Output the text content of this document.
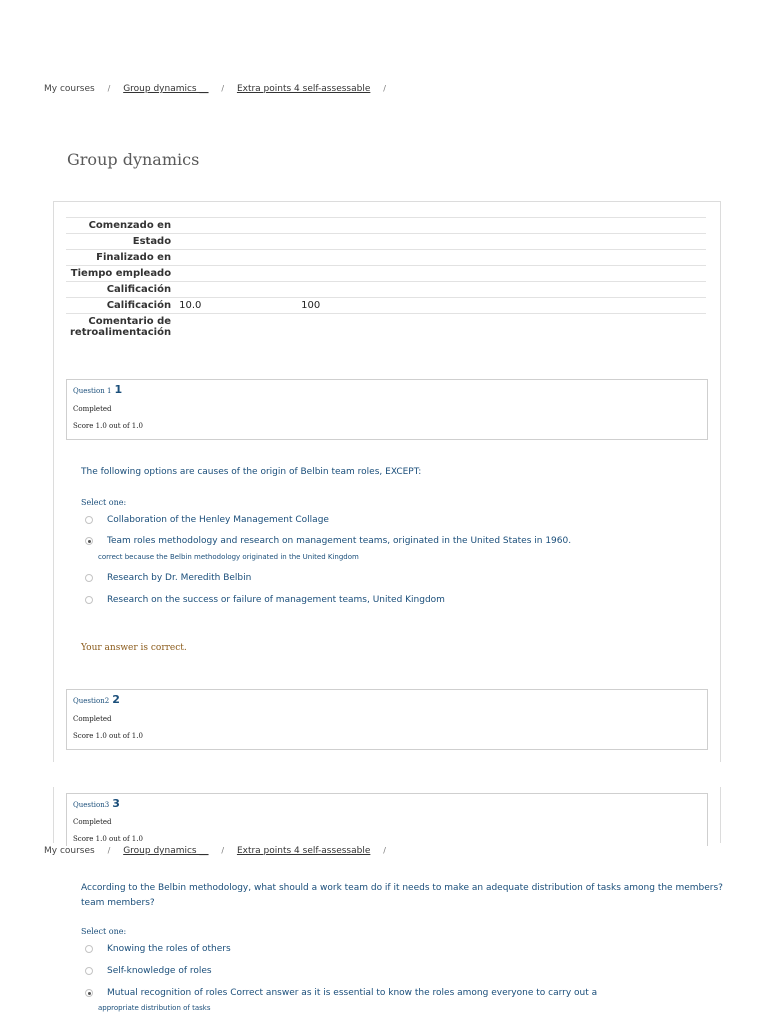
My courses / Group dynamics __ / Extra points 4 self-assessable /
Group dynamics
Comenzado en		
Estado		
Finalizado en		
Tiempo empleado		
Calificación		
Calificación	10.0	100
Comentario de retroalimentación		
Question 1 1
Completed
Score 1.0 out of 1.0
The following options are causes of the origin of Belbin team roles, EXCEPT:
Select one:
Collaboration of the Henley Management Collage
Team roles methodology and research on management teams, originated in the United States in 1960.
correct because the Belbin methodology originated in the United Kingdom
Research by Dr. Meredith Belbin
Research on the success or failure of management teams, United Kingdom
Your answer is correct.
Question2 2
Completed
Score 1.0 out of 1.0
Question3 3
Completed
Score 1.0 out of 1.0
My courses / Group dynamics __ / Extra points 4 self-assessable /
According to the Belbin methodology, what should a work team do if it needs to make an adequate distribution of tasks among the members?
team members?
Select one:
Knowing the roles of others
Self-knowledge of roles
Mutual recognition of roles Correct answer as it is essential to know the roles among everyone to carry out a
appropriate distribution of tasks
